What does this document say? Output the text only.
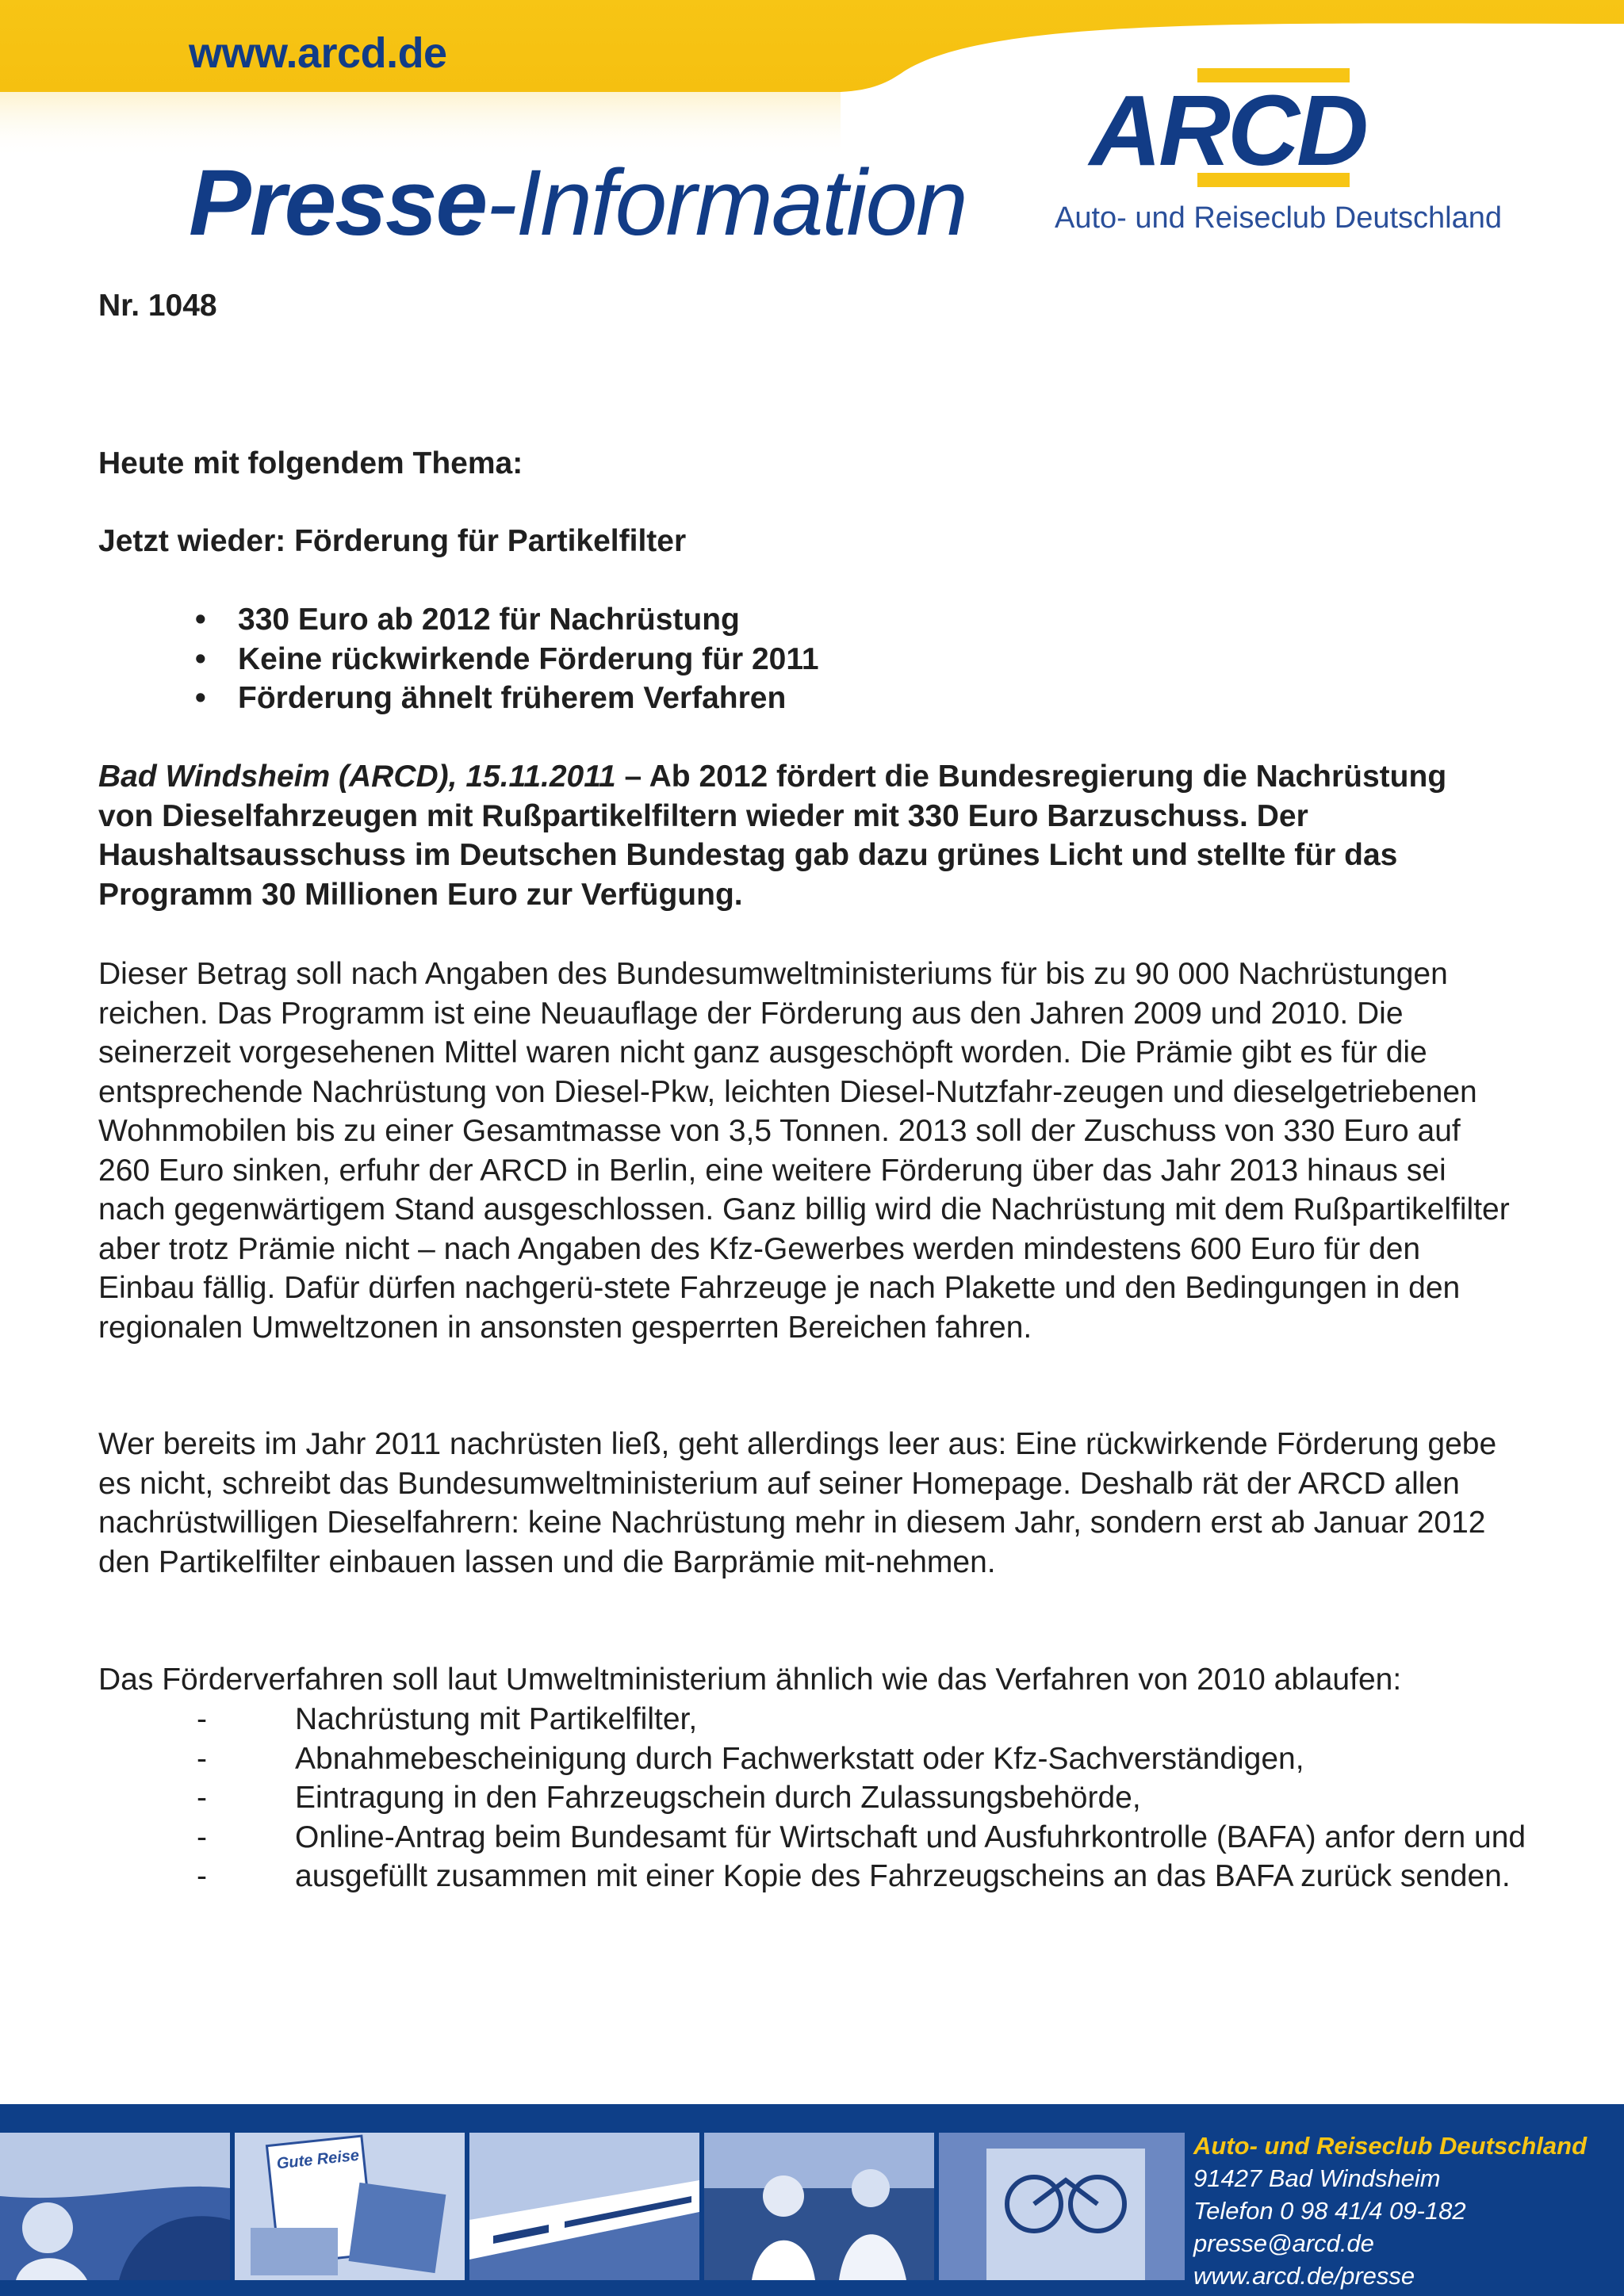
www.arcd.de
Presse-Information
ARCD
Auto- und Reiseclub Deutschland
Nr. 1048
Heute mit folgendem Thema:
Jetzt wieder: Förderung für Partikelfilter
• 330 Euro ab 2012 für Nachrüstung
• Keine rückwirkende Förderung für 2011
• Förderung ähnelt früherem Verfahren
Bad Windsheim (ARCD), 15.11.2011 – Ab 2012 fördert die Bundesregierung die Nachrüstung von Dieselfahrzeugen mit Rußpartikelfiltern wieder mit 330 Euro Barzuschuss. Der Haushaltsausschuss im Deutschen Bundestag gab dazu grünes Licht und stellte für das Programm 30 Millionen Euro zur Verfügung.
Dieser Betrag soll nach Angaben des Bundesumweltministeriums für bis zu 90 000 Nachrüstungen reichen. Das Programm ist eine Neuauflage der Förderung aus den Jahren 2009 und 2010. Die seinerzeit vorgesehenen Mittel waren nicht ganz ausgeschöpft worden. Die Prämie gibt es für die entsprechende Nachrüstung von Diesel-Pkw, leichten Diesel-Nutzfahr-zeugen und dieselgetriebenen Wohnmobilen bis zu einer Gesamtmasse von 3,5 Tonnen. 2013 soll der Zuschuss von 330 Euro auf 260 Euro sinken, erfuhr der ARCD in Berlin, eine weitere Förderung über das Jahr 2013 hinaus sei nach gegenwärtigem Stand ausgeschlossen. Ganz billig wird die Nachrüstung mit dem Rußpartikelfilter aber trotz Prämie nicht – nach Angaben des Kfz-Gewerbes werden mindestens 600 Euro für den Einbau fällig. Dafür dürfen nachgerü-stete Fahrzeuge je nach Plakette und den Bedingungen in den regionalen Umweltzonen in ansonsten gesperrten Bereichen fahren.
Wer bereits im Jahr 2011 nachrüsten ließ, geht allerdings leer aus: Eine rückwirkende Förderung gebe es nicht, schreibt das Bundesumweltministerium auf seiner Homepage. Deshalb rät der ARCD allen nachrüstwilligen Dieselfahrern: keine Nachrüstung mehr in diesem Jahr, sondern erst ab Januar 2012 den Partikelfilter einbauen lassen und die Barprämie mit-nehmen.
Das Förderverfahren soll laut Umweltministerium ähnlich wie das Verfahren von 2010 ablaufen:
-	Nachrüstung mit Partikelfilter,
-	Abnahmebescheinigung durch Fachwerkstatt oder Kfz-Sachverständigen,
-	Eintragung in den Fahrzeugschein durch Zulassungsbehörde,
-	Online-Antrag beim Bundesamt für Wirtschaft und Ausfuhrkontrolle (BAFA) anfor dern und
-	ausgefüllt zusammen mit einer Kopie des Fahrzeugscheins an das BAFA zurück senden.
Gute Reise
Auto- und Reiseclub Deutschland
91427 Bad Windsheim
Telefon 0 98 41/4 09-182
presse@arcd.de
www.arcd.de/presse
